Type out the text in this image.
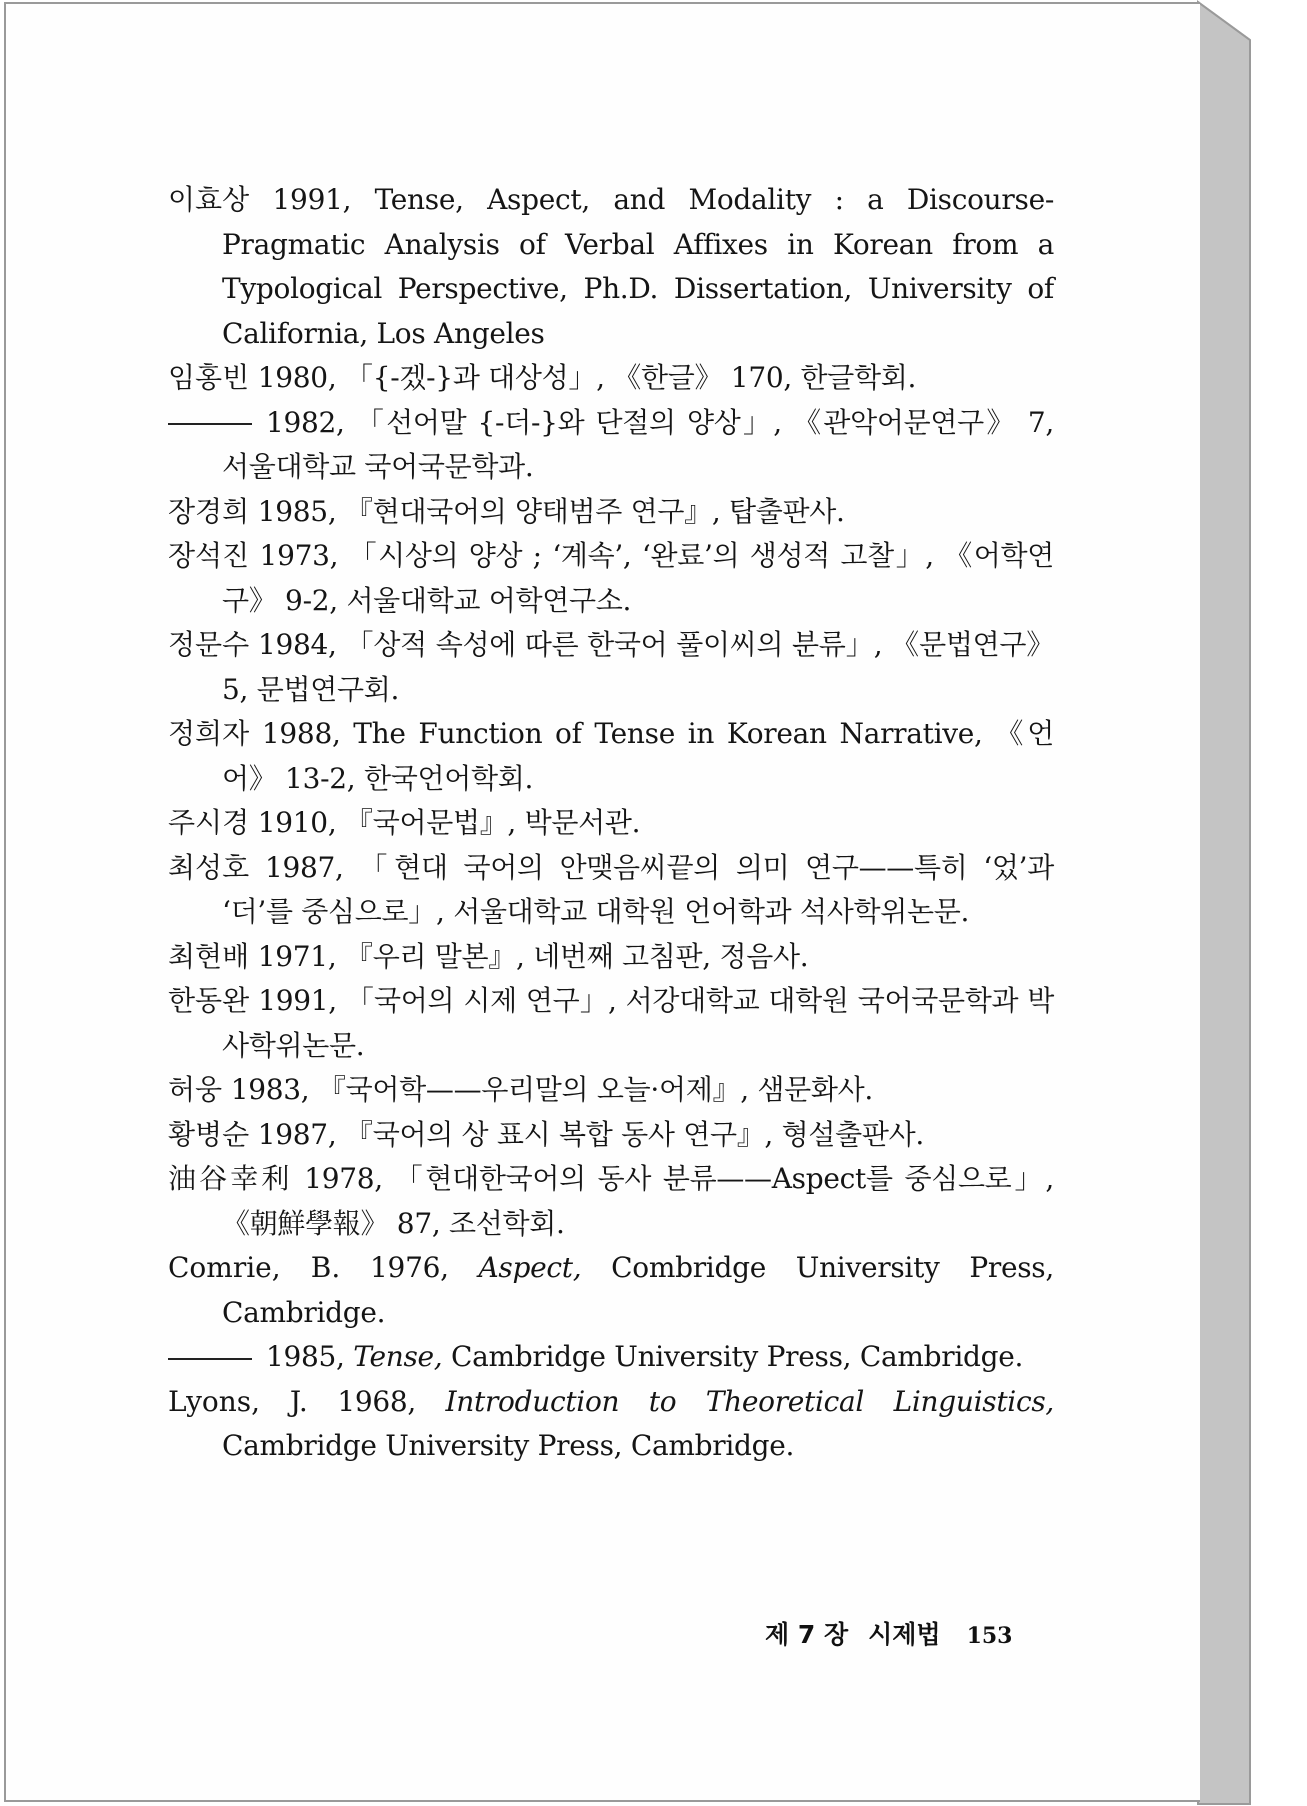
이효상 1991, Tense, Aspect, and Modality : a Discourse-Pragmatic Analysis of Verbal Affixes in Korean from a Typological Perspective, Ph.D. Dissertation, University of California, Los Angeles
임홍빈 1980, 「{-겠-}과 대상성」, 《한글》 170, 한글학회.
1982, 「선어말 {-더-}와 단절의 양상」, 《관악어문연구》 7, 서울대학교 국어국문학과.
장경희 1985, 『현대국어의 양태범주 연구』, 탑출판사.
장석진 1973, 「시상의 양상 ; ‘계속’, ‘완료’의 생성적 고찰」, 《어학연구》 9-2, 서울대학교 어학연구소.
정문수 1984, 「상적 속성에 따른 한국어 풀이씨의 분류」, 《문법연구》 5, 문법연구회.
정희자 1988, The Function of Tense in Korean Narrative, 《언어》 13-2, 한국언어학회.
주시경 1910, 『국어문법』, 박문서관.
최성호 1987, 「현대 국어의 안맺음씨끝의 의미 연구——특히 ‘었’과 ‘더’를 중심으로」, 서울대학교 대학원 언어학과 석사학위논문.
최현배 1971, 『우리 말본』, 네번째 고침판, 정음사.
한동완 1991, 「국어의 시제 연구」, 서강대학교 대학원 국어국문학과 박사학위논문.
허웅 1983, 『국어학——우리말의 오늘·어제』, 샘문화사.
황병순 1987, 『국어의 상 표시 복합 동사 연구』, 형설출판사.
油谷幸利 1978, 「현대한국어의 동사 분류——Aspect를 중심으로」, 《朝鮮學報》 87, 조선학회.
Comrie, B. 1976, Aspect, Combridge University Press, Cambridge.
1985, Tense, Cambridge University Press, Cambridge.
Lyons, J. 1968, Introduction to Theoretical Linguistics, Cambridge University Press, Cambridge.
제 7 장 시제법 153
